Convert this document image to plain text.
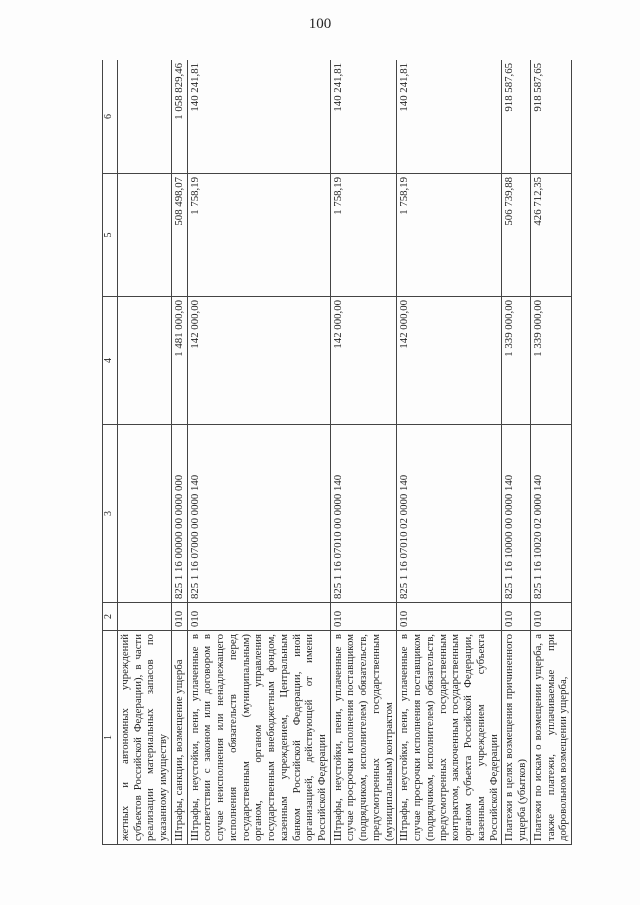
100
1	2	3	4	5	6
жетных и автономных учреждений субъектов Российской Федерации), в части реализации материальных запасов по указанному имуществу					
Штрафы, санкции, возмещение ущерба	010	825 1 16 00000 00 0000 000	1 481 000,00	508 498,07	1 058 829,46
Штрафы, неустойки, пени, уплаченные в соответствии с законом или договором в случае неисполнения или ненадлежащего исполнения обязательств перед государственным (муниципальным) органом, органом управления государственным внебюджетным фондом, казенным учреждением, Центральным банком Российской Федерации, иной организацией, действующей от имени Российской Федерации	010	825 1 16 07000 00 0000 140	142 000,00	1 758,19	140 241,81
Штрафы, неустойки, пени, уплаченные в случае просрочки исполнения поставщиком (подрядчиком, исполнителем) обязательств, предусмотренных государственным (муниципальным) контрактом	010	825 1 16 07010 00 0000 140	142 000,00	1 758,19	140 241,81
Штрафы, неустойки, пени, уплаченные в случае просрочки исполнения поставщиком (подрядчиком, исполнителем) обязательств, предусмотренных государственным контрактом, заключенным государственным органом субъекта Российской Федерации, казенным учреждением субъекта Российской Федерации	010	825 1 16 07010 02 0000 140	142 000,00	1 758,19	140 241,81
Платежи в целях возмещения причиненного ущерба (убытков)	010	825 1 16 10000 00 0000 140	1 339 000,00	506 739,88	918 587,65
Платежи по искам о возмещении ущерба, а также платежи, уплачиваемые при добровольном возмещении ущерба,	010	825 1 16 10020 02 0000 140	1 339 000,00	426 712,35	918 587,65
